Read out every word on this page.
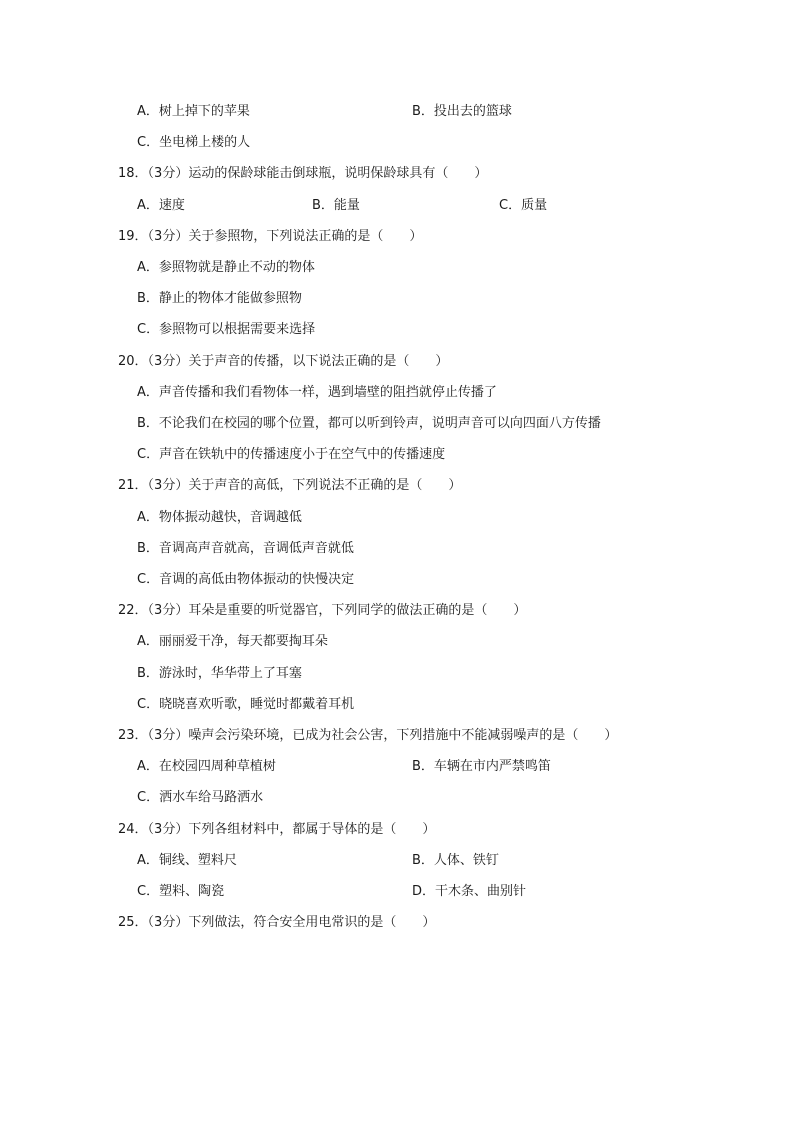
A．树上掉下的苹果	B．投出去的篮球
C．坐电梯上楼的人
18．（3分）运动的保龄球能击倒球瓶，说明保龄球具有（　　）
A．速度	B．能量	C．质量
19．（3分）关于参照物，下列说法正确的是（　　）
A．参照物就是静止不动的物体
B．静止的物体才能做参照物
C．参照物可以根据需要来选择
20．（3分）关于声音的传播，以下说法正确的是（　　）
A．声音传播和我们看物体一样，遇到墙壁的阻挡就停止传播了
B．不论我们在校园的哪个位置，都可以听到铃声，说明声音可以向四面八方传播
C．声音在铁轨中的传播速度小于在空气中的传播速度
21．（3分）关于声音的高低，下列说法不正确的是（　　）
A．物体振动越快，音调越低
B．音调高声音就高，音调低声音就低
C．音调的高低由物体振动的快慢决定
22．（3分）耳朵是重要的听觉器官，下列同学的做法正确的是（　　）
A．丽丽爱干净，每天都要掏耳朵
B．游泳时，华华带上了耳塞
C．晓晓喜欢听歌，睡觉时都戴着耳机
23．（3分）噪声会污染环境，已成为社会公害，下列措施中不能减弱噪声的是（　　）
A．在校园四周种草植树	B．车辆在市内严禁鸣笛
C．洒水车给马路洒水
24．（3分）下列各组材料中，都属于导体的是（　　）
A．铜线、塑料尺	B．人体、铁钉
C．塑料、陶瓷	D．干木条、曲别针
25．（3分）下列做法，符合安全用电常识的是（　　）
